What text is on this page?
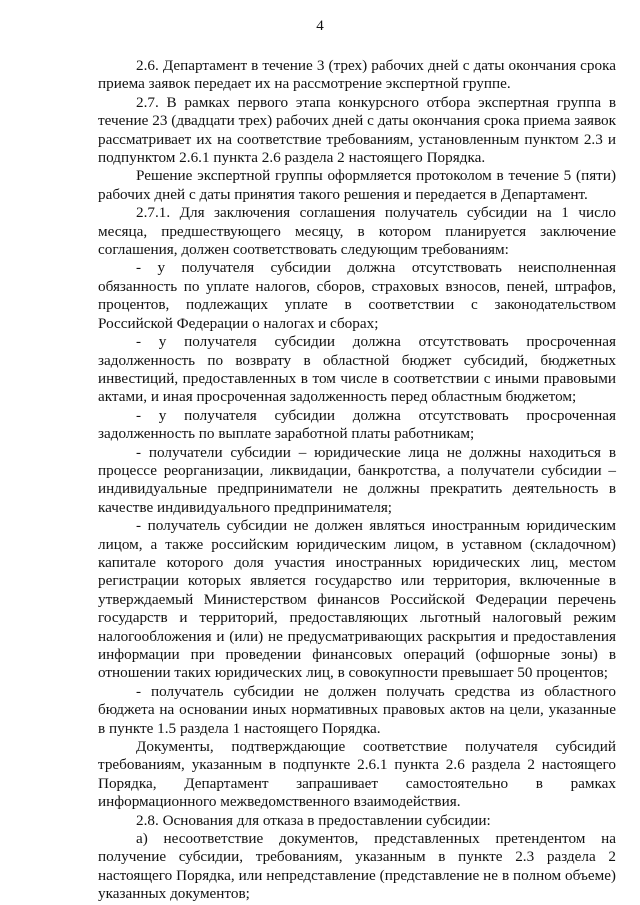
4

2.6. Департамент в течение 3 (трех) рабочих дней с даты окончания срока приема заявок передает их на рассмотрение экспертной группе.

2.7. В рамках первого этапа конкурсного отбора экспертная группа в течение 23 (двадцати трех) рабочих дней с даты окончания срока приема заявок рассматривает их на соответствие требованиям, установленным пунктом 2.3 и подпунктом 2.6.1 пункта 2.6 раздела 2 настоящего Порядка.

Решение экспертной группы оформляется протоколом в течение 5 (пяти) рабочих дней с даты принятия такого решения и передается в Департамент.

2.7.1. Для заключения соглашения получатель субсидии на 1 число месяца, предшествующего месяцу, в котором планируется заключение соглашения, должен соответствовать следующим требованиям:

- у получателя субсидии должна отсутствовать неисполненная обязанность по уплате налогов, сборов, страховых взносов, пеней, штрафов, процентов, подлежащих уплате в соответствии с законодательством Российской Федерации о налогах и сборах;

- у получателя субсидии должна отсутствовать просроченная задолженность по возврату в областной бюджет субсидий, бюджетных инвестиций, предоставленных в том числе в соответствии с иными правовыми актами, и иная просроченная задолженность перед областным бюджетом;

- у получателя субсидии должна отсутствовать просроченная задолженность по выплате заработной платы работникам;

- получатели субсидии – юридические лица не должны находиться в процессе реорганизации, ликвидации, банкротства, а получатели субсидии – индивидуальные предприниматели не должны прекратить деятельность в качестве индивидуального предпринимателя;

- получатель субсидии не должен являться иностранным юридическим лицом, а также российским юридическим лицом, в уставном (складочном) капитале которого доля участия иностранных юридических лиц, местом регистрации которых является государство или территория, включенные в утверждаемый Министерством финансов Российской Федерации перечень государств и территорий, предоставляющих льготный налоговый режим налогообложения и (или) не предусматривающих раскрытия и предоставления информации при проведении финансовых операций (офшорные зоны) в отношении таких юридических лиц, в совокупности превышает 50 процентов;

- получатель субсидии не должен получать средства из областного бюджета на основании иных нормативных правовых актов на цели, указанные в пункте 1.5 раздела 1 настоящего Порядка.

Документы, подтверждающие соответствие получателя субсидий требованиям, указанным в подпункте 2.6.1 пункта 2.6 раздела 2 настоящего Порядка, Департамент запрашивает самостоятельно в рамках информационного межведомственного взаимодействия.

2.8. Основания для отказа в предоставлении субсидии:

а) несоответствие документов, представленных претендентом на получение субсидии, требованиям, указанным в пункте 2.3 раздела 2 настоящего Порядка, или непредставление (представление не в полном объеме) указанных документов;
